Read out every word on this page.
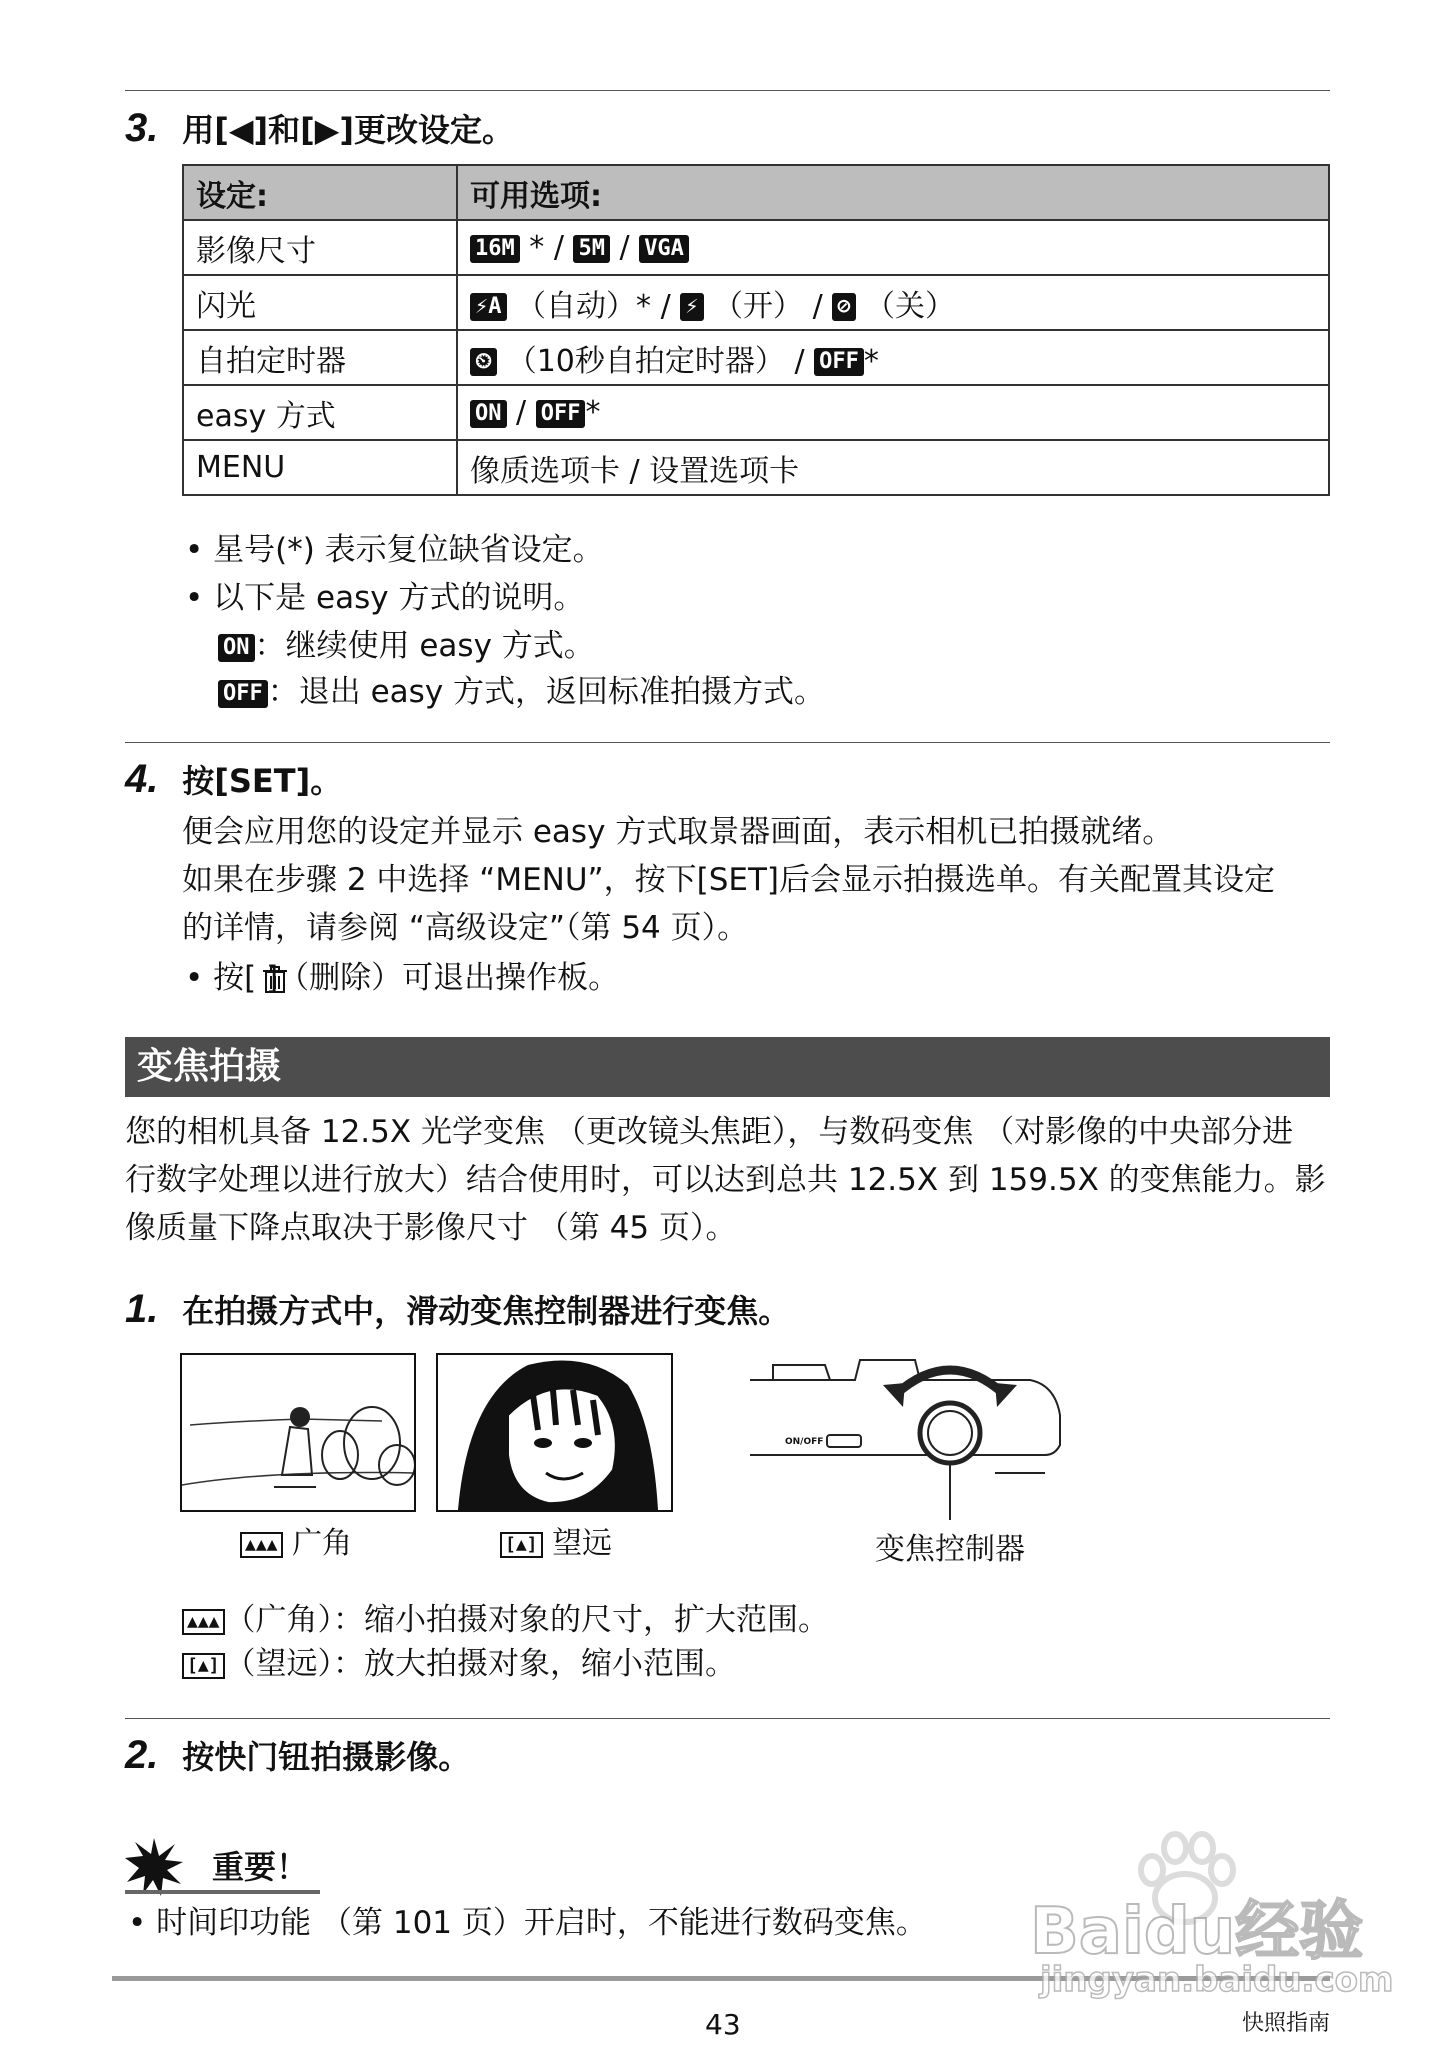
3. 用[◀]和[▶]更改设定。
设定:	可用选项:
影像尺寸	16M * / 5M / VGA
闪光	⚡A （自动）* / ⚡ （开） / ⊘ （关）
自拍定时器	⏲ （10秒自拍定时器） / OFF *
easy 方式	ON / OFF *
MENU	像质选项卡 / 设置选项卡
• 星号(*) 表示复位缺省设定。
• 以下是 easy 方式的说明。
ON ：继续使用 easy 方式。
OFF ：退出 easy 方式，返回标准拍摄方式。
4. 按[SET]。
便会应用您的设定并显示 easy 方式取景器画面，表示相机已拍摄就绪。
如果在步骤 2 中选择 “MENU”，按下[SET]后会显示拍摄选单。有关配置其设定
的详情，请参阅 “高级设定”（第 54 页）。
• 按[ ]（删除）可退出操作板。
变焦拍摄
您的相机具备 12.5X 光学变焦 （更改镜头焦距），与数码变焦 （对影像的中央部分进
行数字处理以进行放大）结合使用时，可以达到总共 12.5X 到 159.5X 的变焦能力。影
像质量下降点取决于影像尺寸 （第 45 页）。
1. 在拍摄方式中，滑动变焦控制器进行变焦。
ON/OFF
▲▲▲ 广角	[▲] 望远	变焦控制器
▲▲▲ （广角）：缩小拍摄对象的尺寸，扩大范围。
[▲] （望远）：放大拍摄对象，缩小范围。
2. 按快门钮拍摄影像。
重要！
• 时间印功能 （第 101 页）开启时，不能进行数码变焦。
43	快照指南
Baidu经验
jingyan.baidu.com
